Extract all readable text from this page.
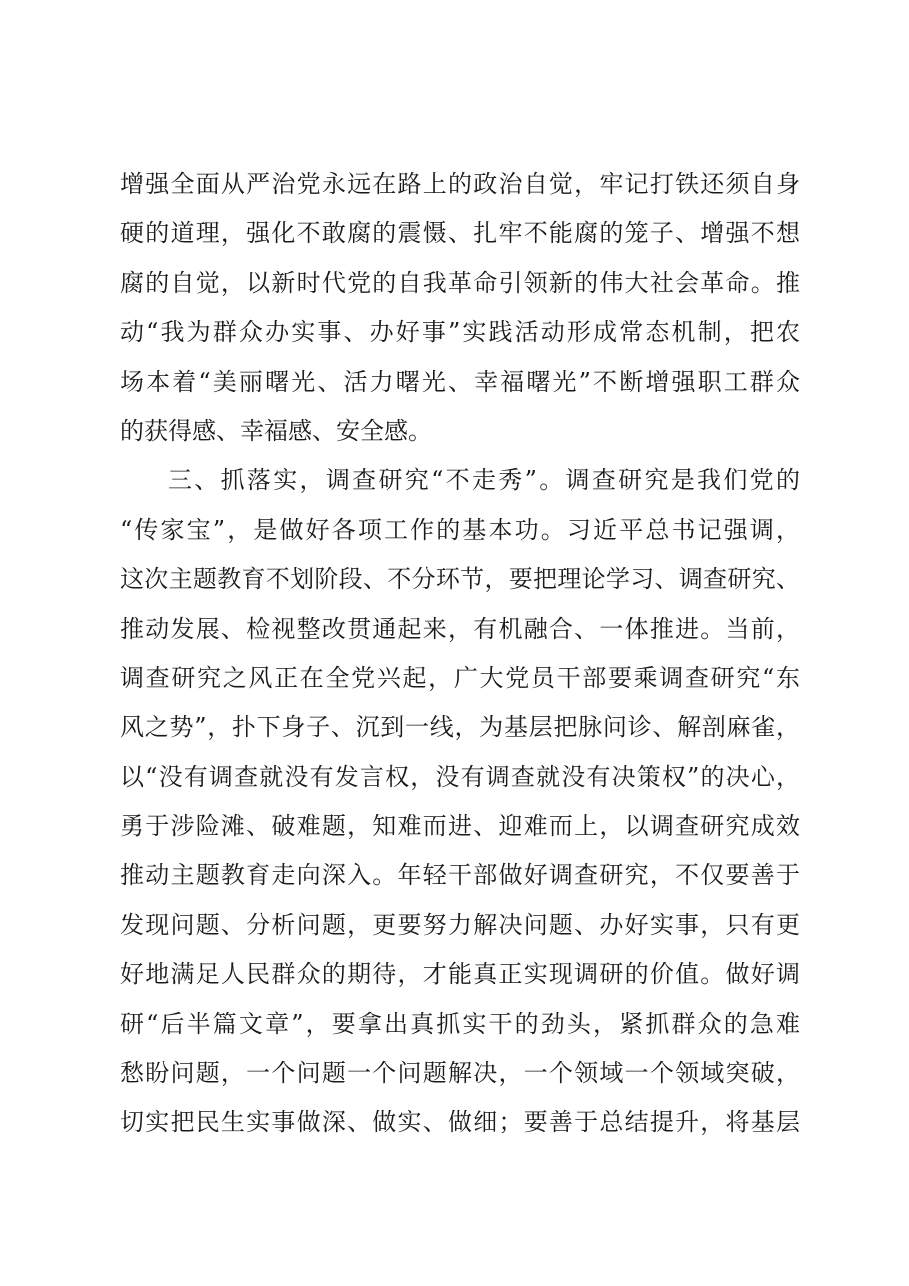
增强全面从严治党永远在路上的政治自觉，牢记打铁还须自身

硬的道理，强化不敢腐的震慑、扎牢不能腐的笼子、增强不想

腐的自觉，以新时代党的自我革命引领新的伟大社会革命。推

动“我为群众办实事、办好事”实践活动形成常态机制，把农

场本着“美丽曙光、活力曙光、幸福曙光”不断增强职工群众

的获得感、幸福感、安全感。

三、抓落实，调查研究“不走秀”。调查研究是我们党的

“传家宝”，是做好各项工作的基本功。习近平总书记强调，

这次主题教育不划阶段、不分环节，要把理论学习、调查研究、

推动发展、检视整改贯通起来，有机融合、一体推进。当前，

调查研究之风正在全党兴起，广大党员干部要乘调查研究“东

风之势”，扑下身子、沉到一线，为基层把脉问诊、解剖麻雀，

以“没有调查就没有发言权，没有调查就没有决策权”的决心，

勇于涉险滩、破难题，知难而进、迎难而上，以调查研究成效

推动主题教育走向深入。年轻干部做好调查研究，不仅要善于

发现问题、分析问题，更要努力解决问题、办好实事，只有更

好地满足人民群众的期待，才能真正实现调研的价值。做好调

研“后半篇文章”，要拿出真抓实干的劲头，紧抓群众的急难

愁盼问题，一个问题一个问题解决，一个领域一个领域突破，

切实把民生实事做深、做实、做细；要善于总结提升，将基层
